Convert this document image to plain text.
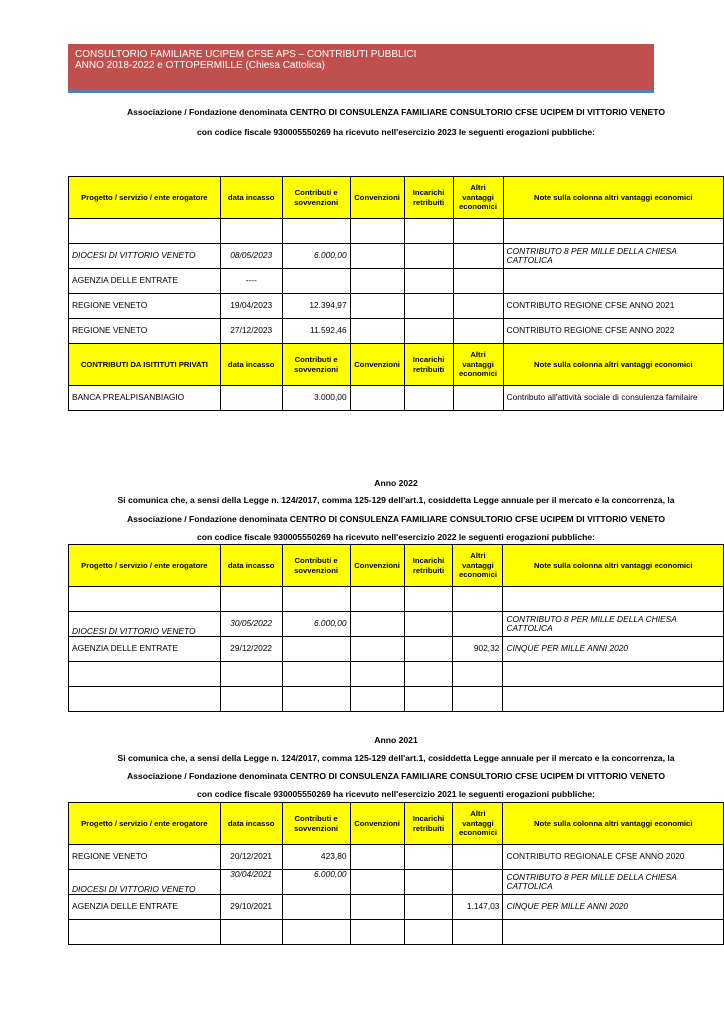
CONSULTORIO FAMILIARE UCIPEM CFSE APS – CONTRIBUTI PUBBLICI
ANNO 2018-2022 e OTTOPERMILLE (Chiesa Cattolica)
Associazione / Fondazione denominata CENTRO DI CONSULENZA FAMILIARE CONSULTORIO CFSE UCIPEM DI VITTORIO VENETO
con codice fiscale 930005550269 ha ricevuto nell'esercizio 2023 le seguenti erogazioni pubbliche:
Progetto / servizio / ente erogatore	data incasso	Contributi e sovvenzioni	Convenzioni	Incarichi retribuiti	Altri vantaggi economici	Note sulla colonna altri vantaggi economici

DIOCESI DI VITTORIO VENETO	08/05/2023	6.000,00				CONTRIBUTO 8 PER MILLE DELLA CHIESA CATTOLICA
AGENZIA DELLE ENTRATE	----					
REGIONE VENETO	19/04/2023	12.394,97				CONTRIBUTO REGIONE CFSE ANNO 2021
REGIONE VENETO	27/12/2023	11.592,46				CONTRIBUTO REGIONE CFSE ANNO 2022
CONTRIBUTI DA ISITITUTI PRIVATI	data incasso	Contributi e sovvenzioni	Convenzioni	Incarichi retribuiti	Altri vantaggi economici	Note sulla colonna altri vantaggi economici
BANCA PREALPISANBIAGIO		3.000,00				Contributo all'attività sociale di consulenza familaire
Anno 2022
Si comunica che, a sensi della Legge n. 124/2017, comma 125-129 dell'art.1, cosiddetta Legge annuale per il mercato e la concorrenza, la
Associazione / Fondazione denominata CENTRO DI CONSULENZA FAMILIARE CONSULTORIO CFSE UCIPEM DI VITTORIO VENETO
con codice fiscale 930005550269 ha ricevuto nell'esercizio 2022 le seguenti erogazioni pubbliche:
Progetto / servizio / ente erogatore	data incasso	Contributi e sovvenzioni	Convenzioni	Incarichi retribuiti	Altri vantaggi economici	Note sulla colonna altri vantaggi economici

DIOCESI DI VITTORIO VENETO	30/05/2022	6.000,00				CONTRIBUTO 8 PER MILLE DELLA CHIESA CATTOLICA
AGENZIA DELLE ENTRATE	29/12/2022				902,32	CINQUE PER MILLE ANNI 2020

Anno 2021
Si comunica che, a sensi della Legge n. 124/2017, comma 125-129 dell'art.1, cosiddetta Legge annuale per il mercato e la concorrenza, la
Associazione / Fondazione denominata CENTRO DI CONSULENZA FAMILIARE CONSULTORIO CFSE UCIPEM DI VITTORIO VENETO
con codice fiscale 930005550269 ha ricevuto nell'esercizio 2021 le seguenti erogazioni pubbliche:
Progetto / servizio / ente erogatore	data incasso	Contributi e sovvenzioni	Convenzioni	Incarichi retribuiti	Altri vantaggi economici	Note sulla colonna altri vantaggi economici
REGIONE VENETO	20/12/2021	423,80				CONTRIBUTO REGIONALE CFSE ANNO 2020
DIOCESI DI VITTORIO VENETO	30/04/2021	6.000,00				CONTRIBUTO 8 PER MILLE DELLA CHIESA CATTOLICA
AGENZIA DELLE ENTRATE	29/10/2021				1.147,03	CINQUE PER MILLE ANNI 2020
